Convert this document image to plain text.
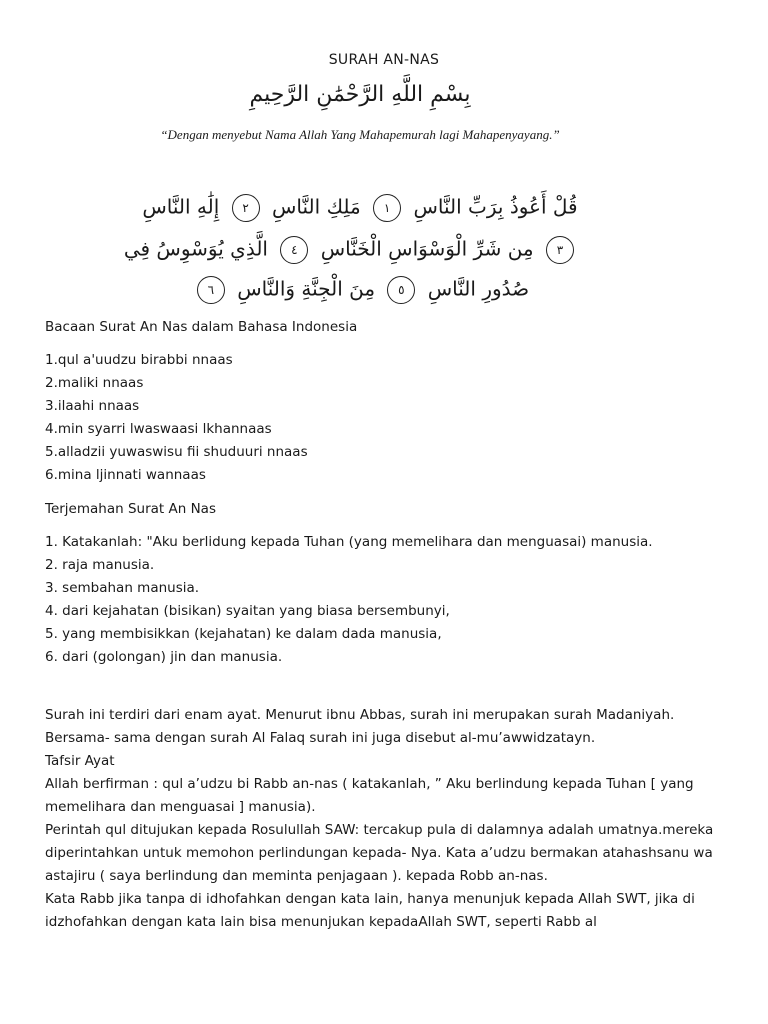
SURAH AN-NAS
بِسْمِ اللَّهِ الرَّحْمَٰنِ الرَّحِيمِ
“Dengan menyebut Nama Allah Yang Mahapemurah lagi Mahapenyayang.”
قُلْ أَعُوذُ بِرَبِّ النَّاسِ ١ مَلِكِ النَّاسِ ٢ إِلَٰهِ النَّاسِ
٣ مِن شَرِّ الْوَسْوَاسِ الْخَنَّاسِ ٤ الَّذِي يُوَسْوِسُ فِي
صُدُورِ النَّاسِ ٥ مِنَ الْجِنَّةِ وَالنَّاسِ ٦
Bacaan Surat An Nas dalam Bahasa Indonesia

1.qul a'uudzu birabbi nnaas

2.maliki nnaas

3.ilaahi nnaas

4.min syarri lwaswaasi lkhannaas

5.alladzii yuwaswisu fii shuduuri nnaas

6.mina ljinnati wannaas

Terjemahan Surat An Nas

1. Katakanlah: "Aku berlidung kepada Tuhan (yang memelihara dan menguasai) manusia.

2. raja manusia.

3. sembahan manusia.

4. dari kejahatan (bisikan) syaitan yang biasa bersembunyi,

5. yang membisikkan (kejahatan) ke dalam dada manusia,

6. dari (golongan) jin dan manusia.

Surah ini terdiri dari enam ayat. Menurut ibnu Abbas, surah ini merupakan surah Madaniyah. Bersama- sama dengan surah Al Falaq surah ini juga disebut al-mu’awwidzatayn.

Tafsir Ayat

Allah berfirman : qul a’udzu bi Rabb an-nas ( katakanlah, ” Aku berlindung kepada Tuhan [ yang memelihara dan menguasai ] manusia).

Perintah qul ditujukan kepada Rosulullah SAW: tercakup pula di dalamnya adalah umatnya.mereka diperintahkan untuk memohon perlindungan kepada- Nya. Kata a’udzu bermakan atahashsanu wa astajiru ( saya berlindung dan meminta penjagaan ). kepada Robb an-nas.

Kata Rabb jika tanpa di idhofahkan dengan kata lain, hanya menunjuk kepada Allah SWT, jika di idzhofahkan dengan kata lain bisa menunjukan kepadaAllah SWT, seperti Rabb al
